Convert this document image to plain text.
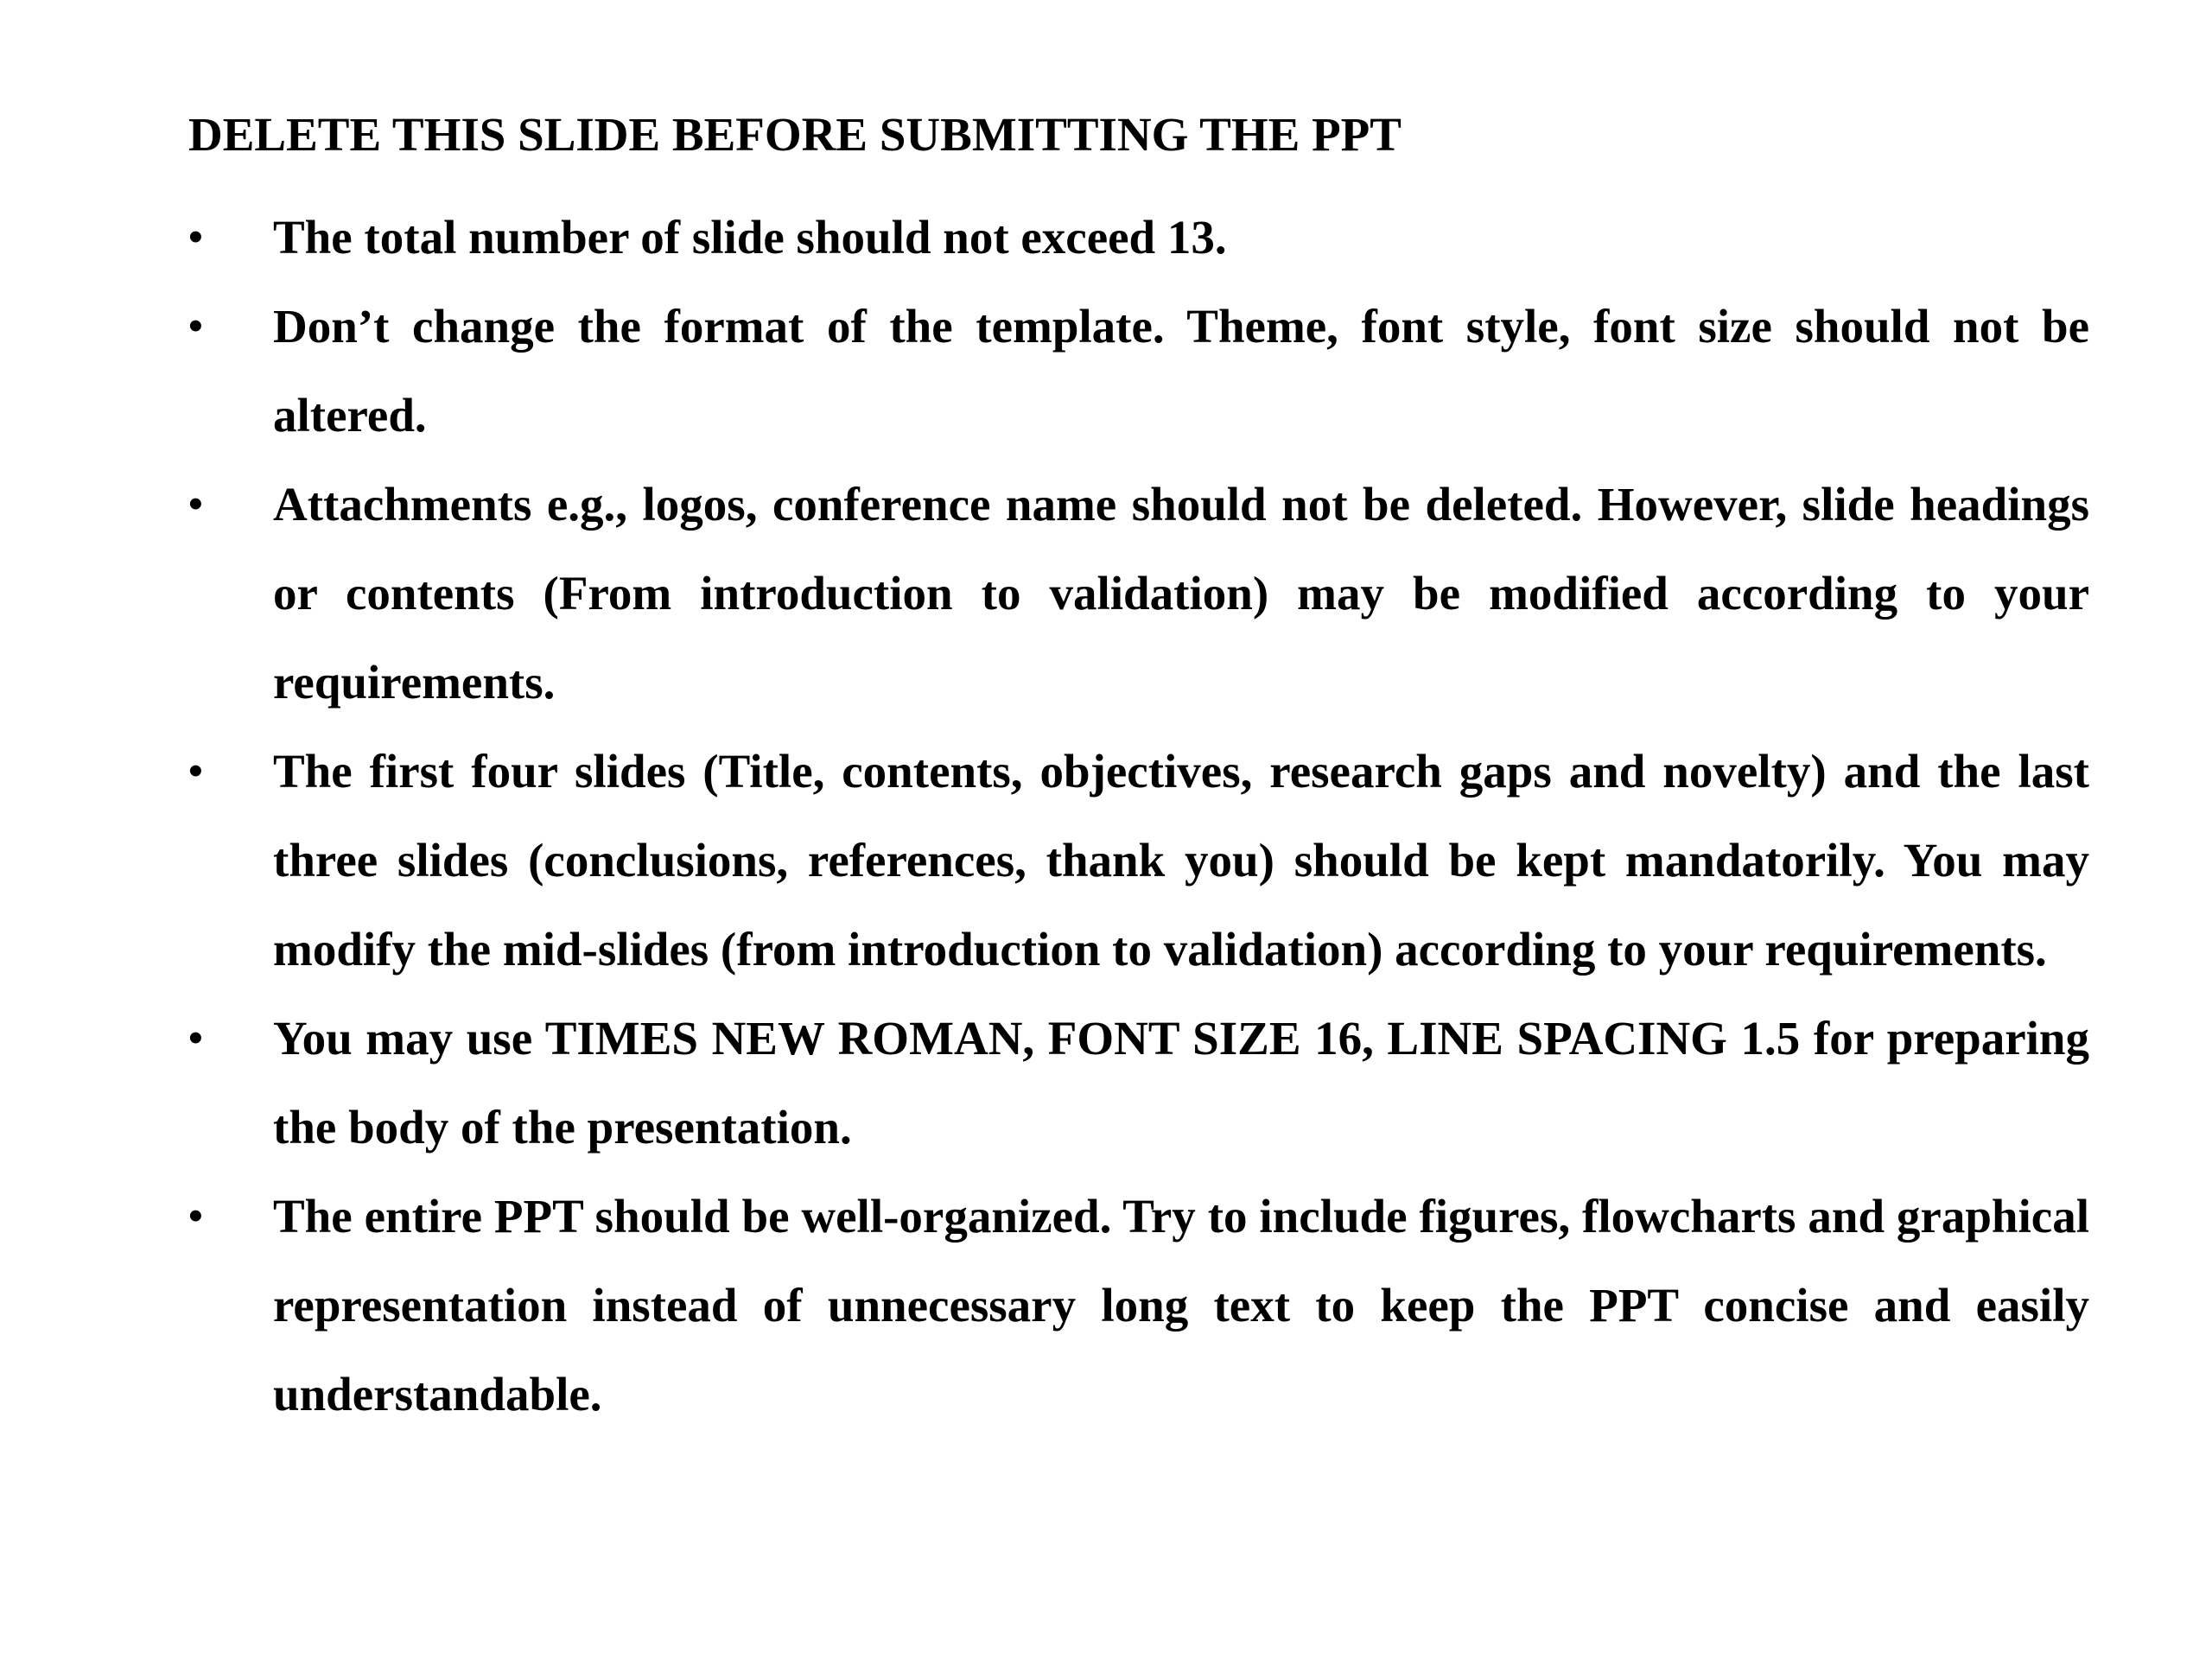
DELETE THIS SLIDE BEFORE SUBMITTING THE PPT
• The total number of slide should not exceed 13.
• Don’t change the format of the template. Theme, font style, font size should not be altered.
• Attachments e.g., logos, conference name should not be deleted. However, slide headings or contents (From introduction to validation) may be modified according to your requirements.
• The first four slides (Title, contents, objectives, research gaps and novelty) and the last three slides (conclusions, references, thank you) should be kept mandatorily. You may modify the mid-slides (from introduction to validation) according to your requirements.
• You may use TIMES NEW ROMAN, FONT SIZE 16, LINE SPACING 1.5 for preparing the body of the presentation.
• The entire PPT should be well-organized. Try to include figures, flowcharts and graphical representation instead of unnecessary long text to keep the PPT concise and easily understandable.
